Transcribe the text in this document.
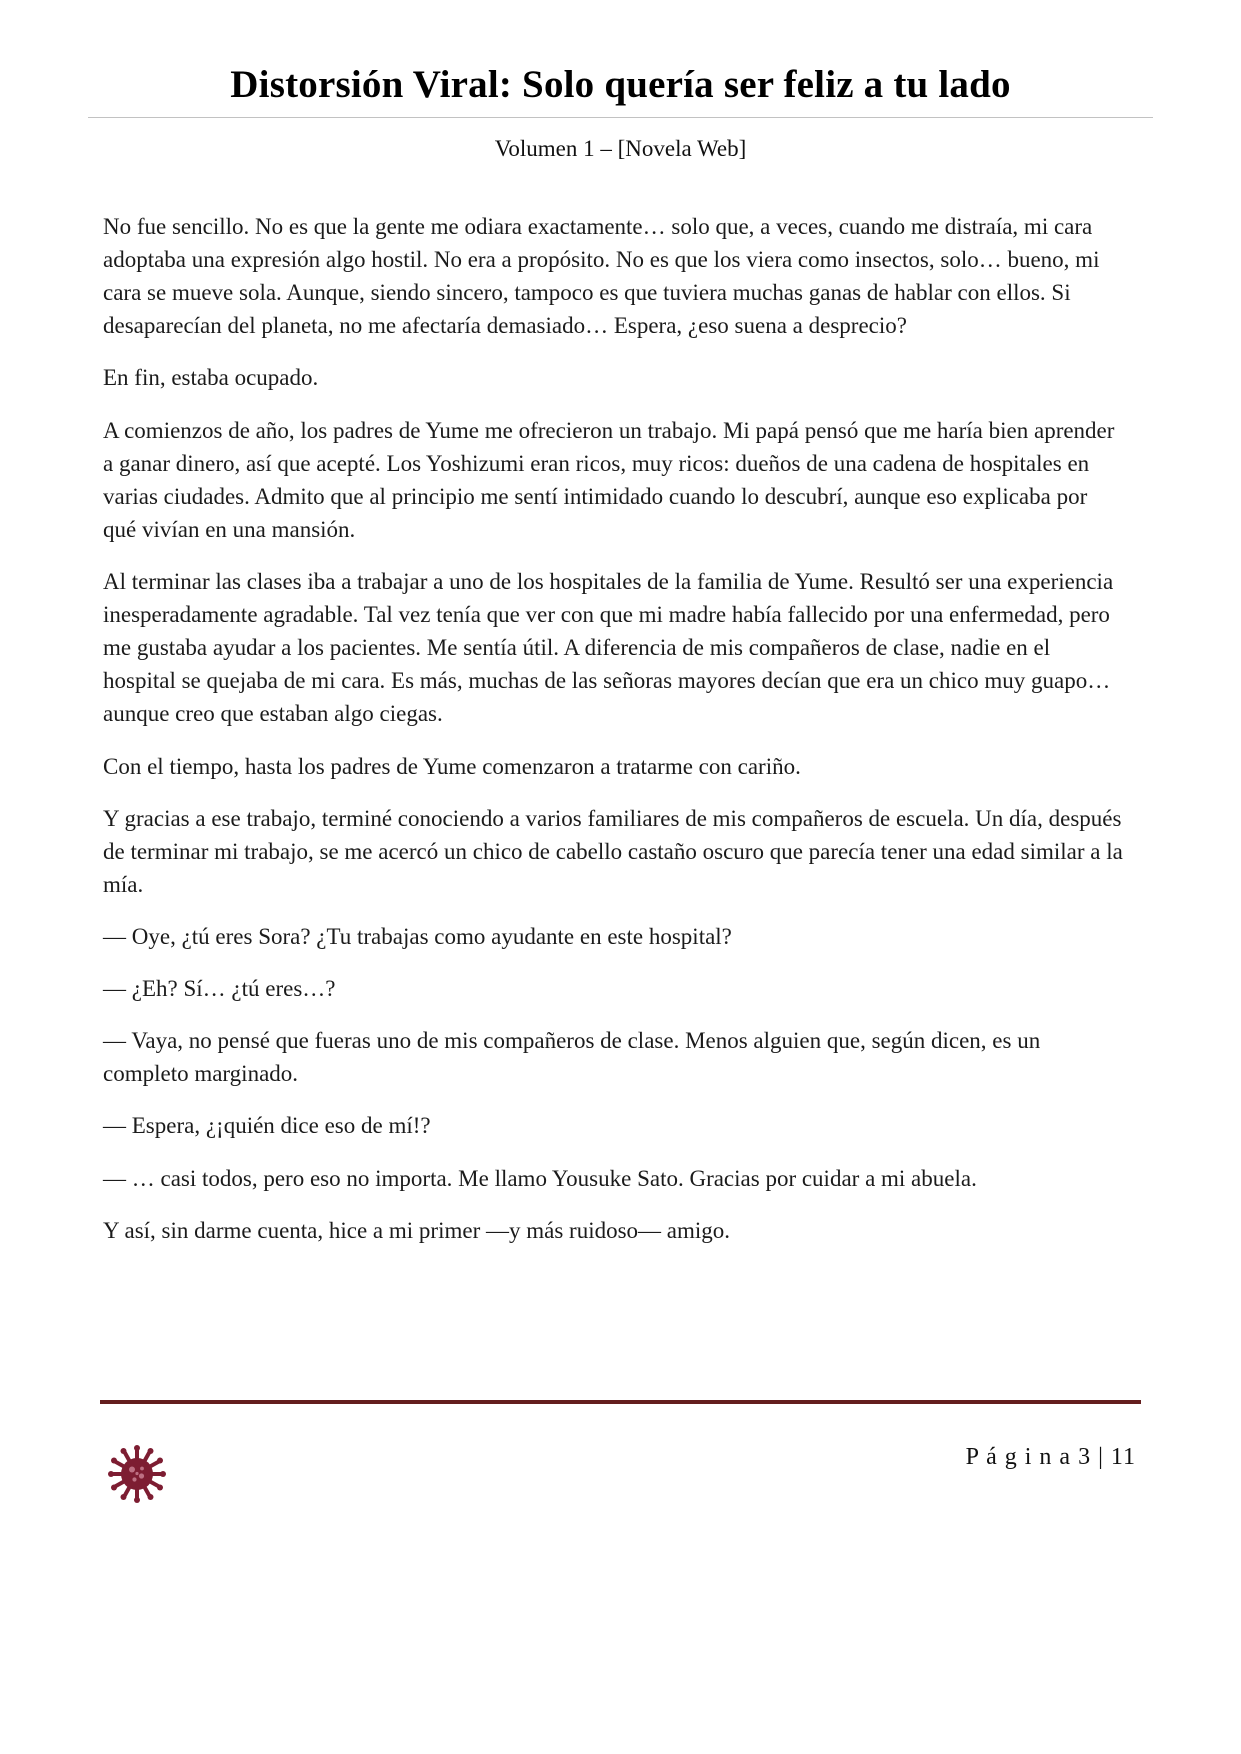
Distorsión Viral: Solo quería ser feliz a tu lado
Volumen 1 – [Novela Web]

No fue sencillo. No es que la gente me odiara exactamente… solo que, a veces, cuando me distraía, mi cara adoptaba una expresión algo hostil. No era a propósito. No es que los viera como insectos, solo… bueno, mi cara se mueve sola. Aunque, siendo sincero, tampoco es que tuviera muchas ganas de hablar con ellos. Si desaparecían del planeta, no me afectaría demasiado… Espera, ¿eso suena a desprecio?

En fin, estaba ocupado.

A comienzos de año, los padres de Yume me ofrecieron un trabajo. Mi papá pensó que me haría bien aprender a ganar dinero, así que acepté. Los Yoshizumi eran ricos, muy ricos: dueños de una cadena de hospitales en varias ciudades. Admito que al principio me sentí intimidado cuando lo descubrí, aunque eso explicaba por qué vivían en una mansión.

Al terminar las clases iba a trabajar a uno de los hospitales de la familia de Yume. Resultó ser una experiencia inesperadamente agradable. Tal vez tenía que ver con que mi madre había fallecido por una enfermedad, pero me gustaba ayudar a los pacientes. Me sentía útil. A diferencia de mis compañeros de clase, nadie en el hospital se quejaba de mi cara. Es más, muchas de las señoras mayores decían que era un chico muy guapo… aunque creo que estaban algo ciegas.

Con el tiempo, hasta los padres de Yume comenzaron a tratarme con cariño.

Y gracias a ese trabajo, terminé conociendo a varios familiares de mis compañeros de escuela. Un día, después de terminar mi trabajo, se me acercó un chico de cabello castaño oscuro que parecía tener una edad similar a la mía.

— Oye, ¿tú eres Sora? ¿Tu trabajas como ayudante en este hospital?

— ¿Eh? Sí… ¿tú eres…?

— Vaya, no pensé que fueras uno de mis compañeros de clase. Menos alguien que, según dicen, es un completo marginado.

— Espera, ¿¡quién dice eso de mí!?

— … casi todos, pero eso no importa. Me llamo Yousuke Sato. Gracias por cuidar a mi abuela.

Y así, sin darme cuenta, hice a mi primer —y más ruidoso— amigo.

P á g i n a 3 | 11
